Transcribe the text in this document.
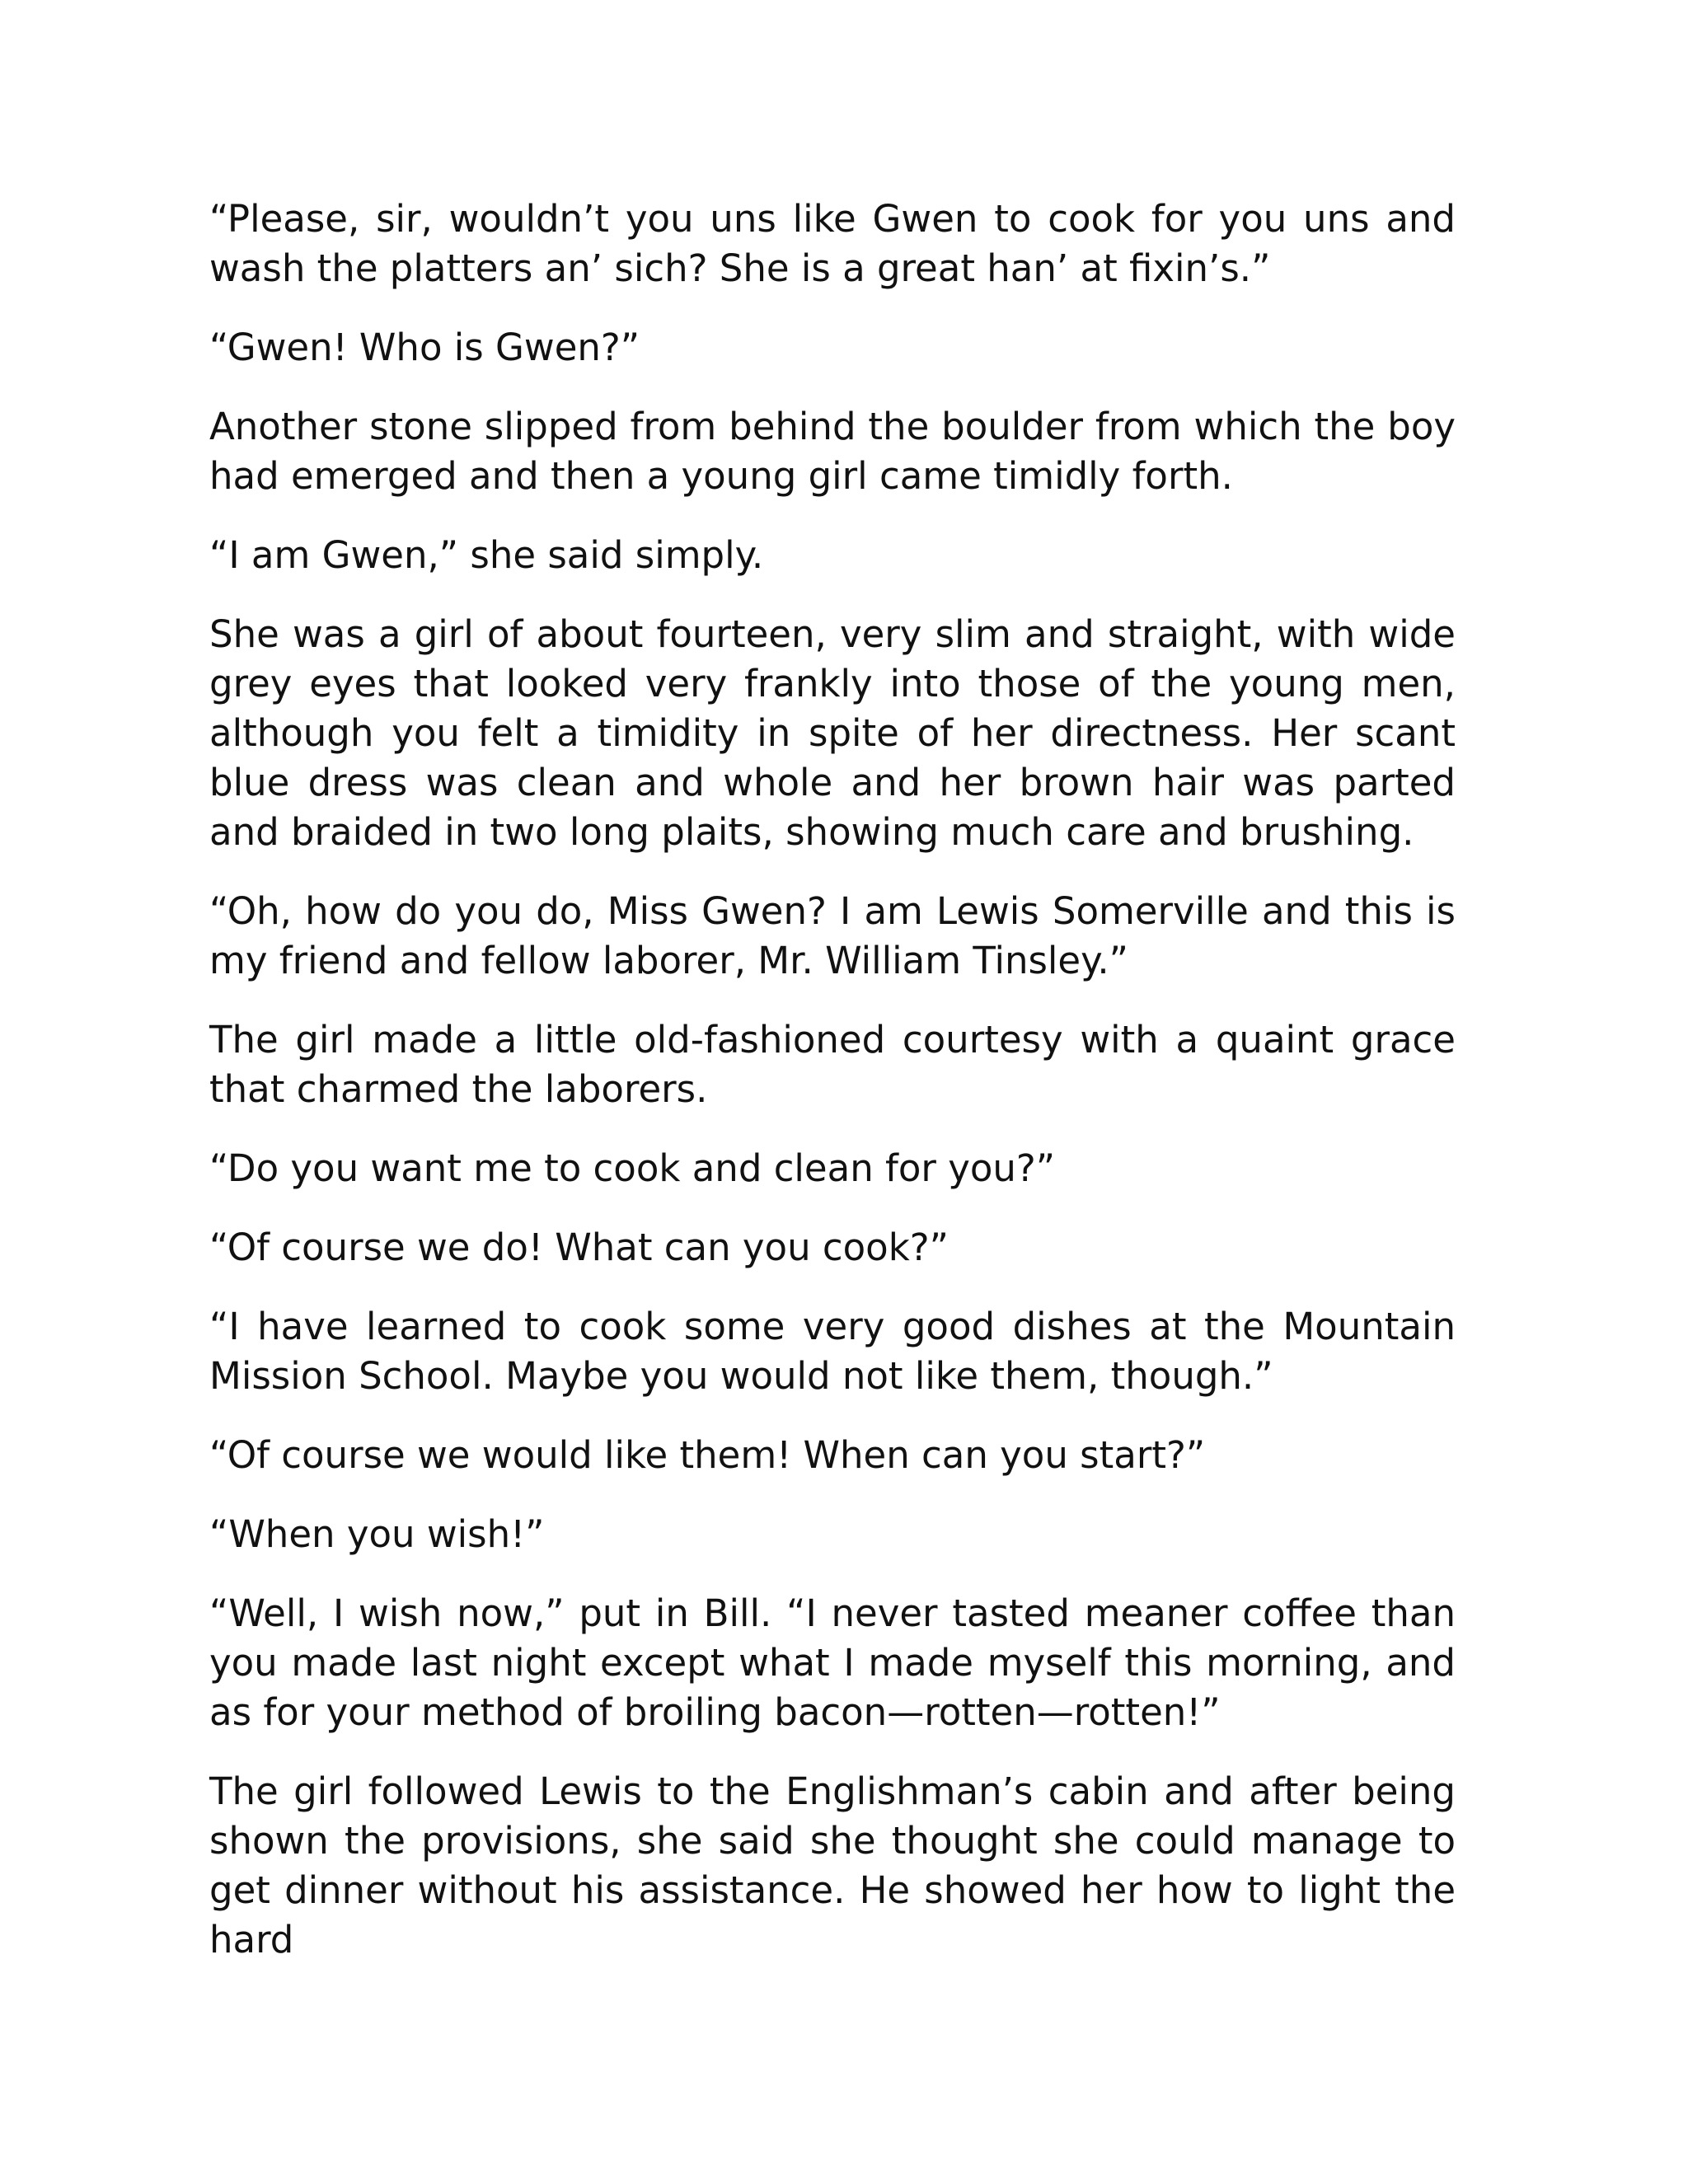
“Please, sir, wouldn’t you uns like Gwen to cook for you uns and wash the platters an’ sich? She is a great han’ at fixin’s.”

“Gwen! Who is Gwen?”

Another stone slipped from behind the boulder from which the boy had emerged and then a young girl came timidly forth.

“I am Gwen,” she said simply.

She was a girl of about fourteen, very slim and straight, with wide grey eyes that looked very frankly into those of the young men, although you felt a timidity in spite of her directness. Her scant blue dress was clean and whole and her brown hair was parted and braided in two long plaits, showing much care and brushing.

“Oh, how do you do, Miss Gwen? I am Lewis Somerville and this is my friend and fellow laborer, Mr. William Tinsley.”

The girl made a little old-fashioned courtesy with a quaint grace that charmed the laborers.

“Do you want me to cook and clean for you?”

“Of course we do! What can you cook?”

“I have learned to cook some very good dishes at the Mountain Mission School. Maybe you would not like them, though.”

“Of course we would like them! When can you start?”

“When you wish!”

“Well, I wish now,” put in Bill. “I never tasted meaner coffee than you made last night except what I made myself this morning, and as for your method of broiling bacon—rotten—rotten!”

The girl followed Lewis to the Englishman’s cabin and after being shown the provisions, she said she thought she could manage to get dinner without his assistance. He showed her how to light the hard
